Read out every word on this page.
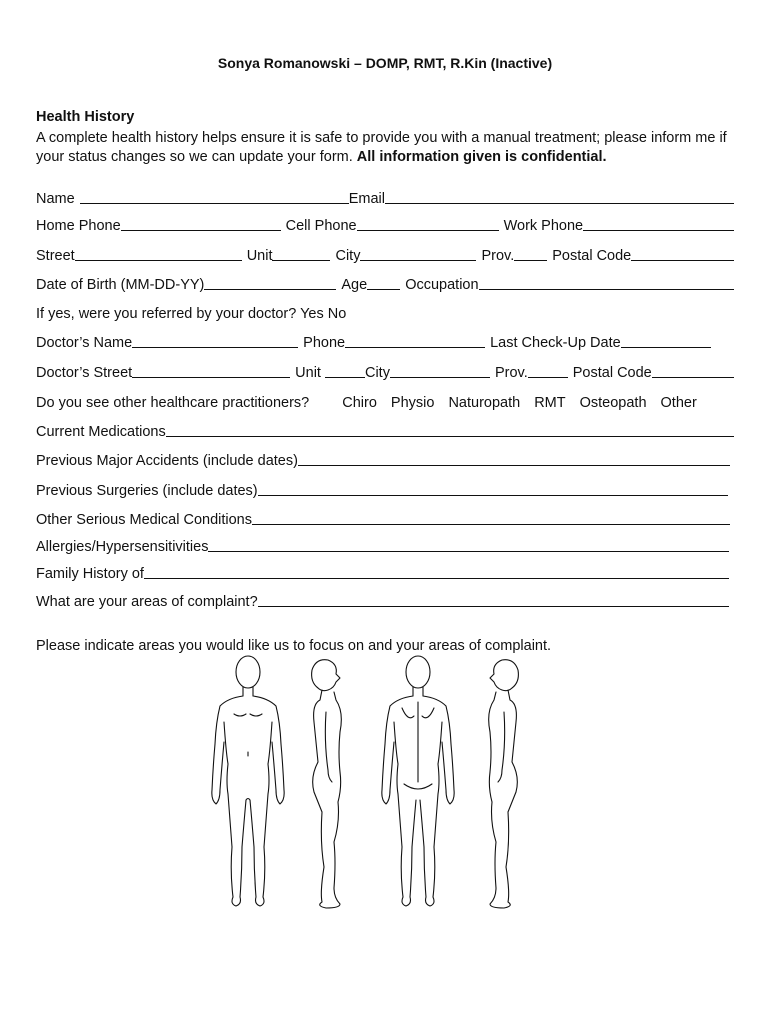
Sonya Romanowski – DOMP, RMT, R.Kin (Inactive)
Health History
A complete health history helps ensure it is safe to provide you with a manual treatment; please inform me if your status changes so we can update your form. All information given is confidential.
Name	Email
Home Phone	Cell Phone	Work Phone
Street	Unit	City	Prov.	Postal Code
Date of Birth (MM-DD-YY)	Age	Occupation
If yes, were you referred by your doctor? Yes No
Doctor’s Name	Phone	Last Check-Up Date
Doctor’s Street	Unit	City	Prov.	Postal Code
Do you see other healthcare practitioners? Chiro Physio Naturopath RMT Osteopath Other
Current Medications
Previous Major Accidents (include dates)
Previous Surgeries (include dates)
Other Serious Medical Conditions
Allergies/Hypersensitivities
Family History of
What are your areas of complaint?
Please indicate areas you would like us to focus on and your areas of complaint.
